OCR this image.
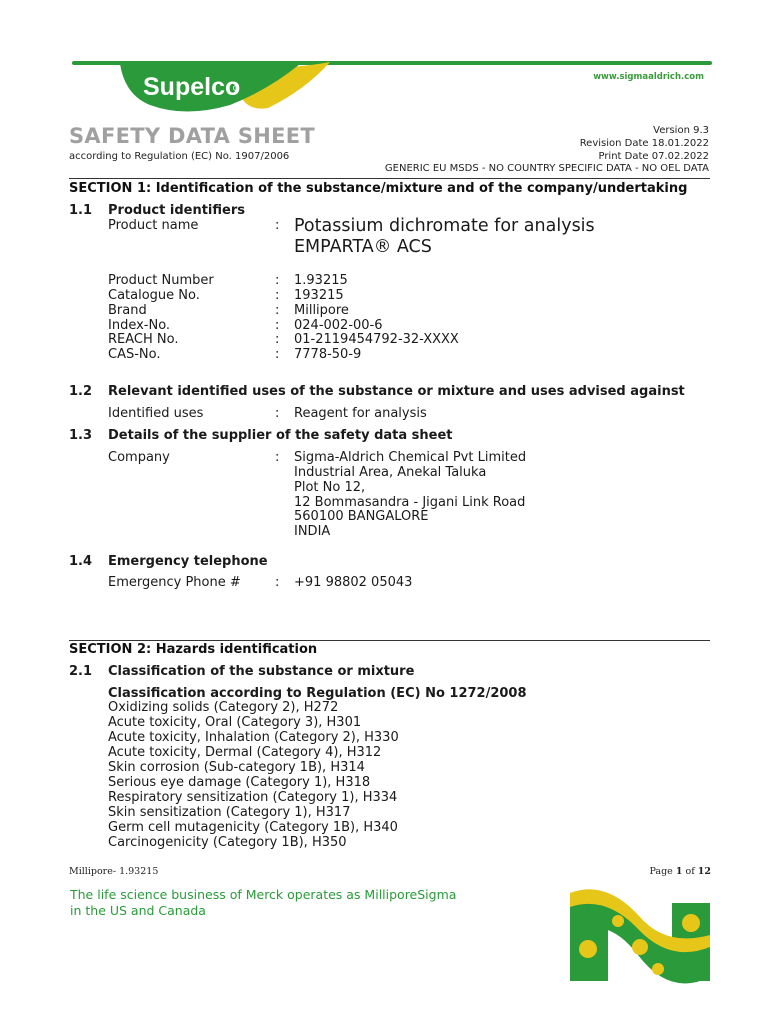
Supelco	www.sigmaaldrich.com
SAFETY DATA SHEET
according to Regulation (EC) No. 1907/2006
Version 9.3
Revision Date 18.01.2022
Print Date 07.02.2022
GENERIC EU MSDS - NO COUNTRY SPECIFIC DATA - NO OEL DATA
SECTION 1: Identification of the substance/mixture and of the company/undertaking
1.1 Product identifiers
Product name	: Potassium dichromate for analysis
EMPARTA® ACS
Product Number	: 1.93215
Catalogue No.	: 193215
Brand	: Millipore
Index-No.	: 024-002-00-6
REACH No.	: 01-2119454792-32-XXXX
CAS-No.	: 7778-50-9
1.2 Relevant identified uses of the substance or mixture and uses advised against
Identified uses	: Reagent for analysis
1.3 Details of the supplier of the safety data sheet
Company	: Sigma-Aldrich Chemical Pvt Limited
Industrial Area, Anekal Taluka
Plot No 12,
12 Bommasandra - Jigani Link Road
560100 BANGALORE
INDIA
1.4 Emergency telephone
Emergency Phone #	: +91 98802 05043
SECTION 2: Hazards identification
2.1 Classification of the substance or mixture
Classification according to Regulation (EC) No 1272/2008
Oxidizing solids (Category 2), H272
Acute toxicity, Oral (Category 3), H301
Acute toxicity, Inhalation (Category 2), H330
Acute toxicity, Dermal (Category 4), H312
Skin corrosion (Sub-category 1B), H314
Serious eye damage (Category 1), H318
Respiratory sensitization (Category 1), H334
Skin sensitization (Category 1), H317
Germ cell mutagenicity (Category 1B), H340
Carcinogenicity (Category 1B), H350
Millipore- 1.93215	Page 1 of 12
The life science business of Merck operates as MilliporeSigma in the US and Canada
